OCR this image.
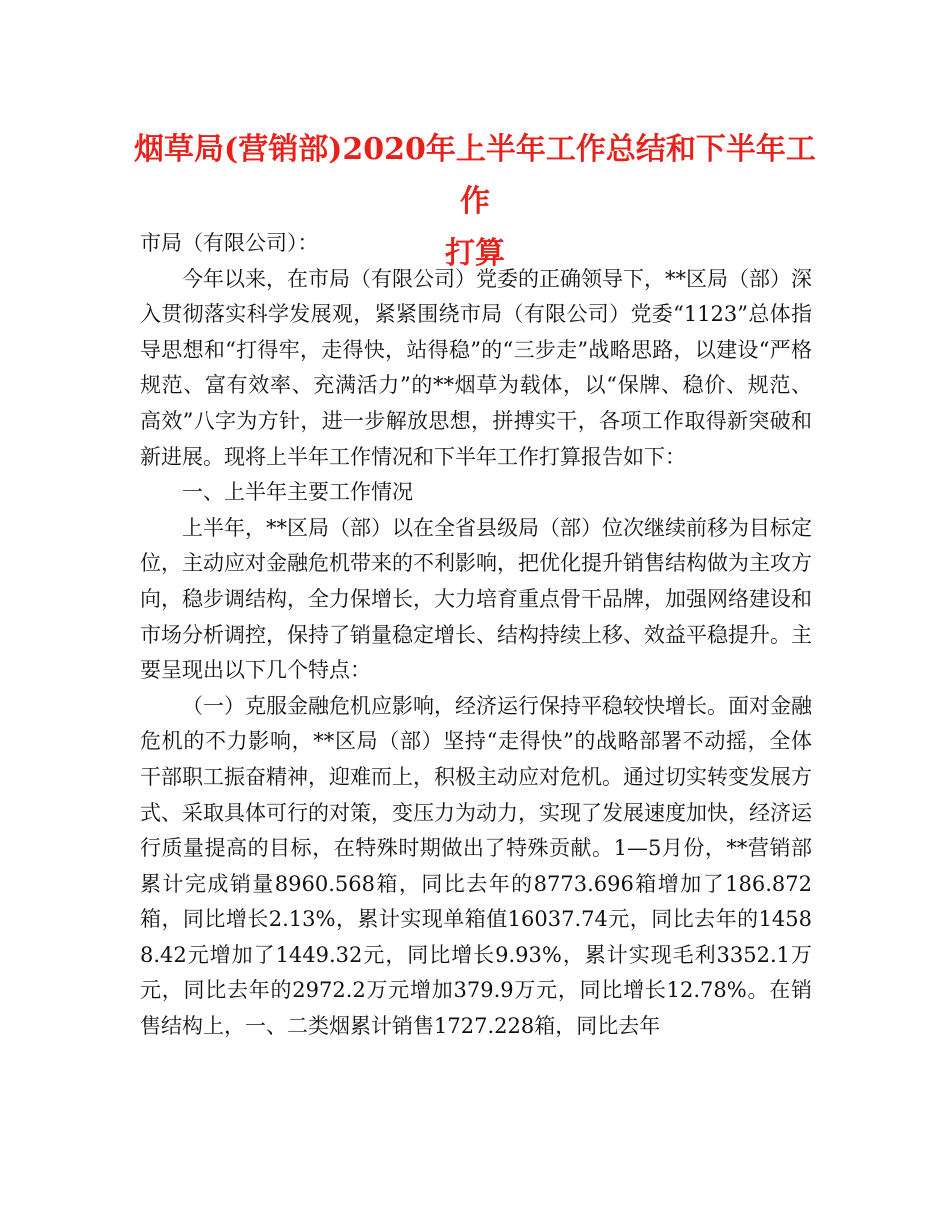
烟草局(营销部)2020年上半年工作总结和下半年工作
打算

市局（有限公司）：

今年以来，在市局（有限公司）党委的正确领导下，**区局（部）深入贯彻落实科学发展观，紧紧围绕市局（有限公司）党委“1123”总体指导思想和“打得牢，走得快，站得稳”的“三步走”战略思路，以建设“严格规范、富有效率、充满活力”的**烟草为载体，以“保牌、稳价、规范、高效”八字为方针，进一步解放思想，拼搏实干，各项工作取得新突破和新进展。现将上半年工作情况和下半年工作打算报告如下：

一、上半年主要工作情况

上半年，**区局（部）以在全省县级局（部）位次继续前移为目标定位，主动应对金融危机带来的不利影响，把优化提升销售结构做为主攻方向，稳步调结构，全力保增长，大力培育重点骨干品牌，加强网络建设和市场分析调控，保持了销量稳定增长、结构持续上移、效益平稳提升。主要呈现出以下几个特点：

（一）克服金融危机应影响，经济运行保持平稳较快增长。面对金融危机的不力影响，**区局（部）坚持“走得快”的战略部署不动摇，全体干部职工振奋精神，迎难而上，积极主动应对危机。通过切实转变发展方式、采取具体可行的对策，变压力为动力，实现了发展速度加快，经济运行质量提高的目标，在特殊时期做出了特殊贡献。1—5月份，**营销部累计完成销量8960.568箱，同比去年的8773.696箱增加了186.872箱，同比增长2.13%，累计实现单箱值16037.74元，同比去年的14588.42元增加了1449.32元，同比增长9.93%，累计实现毛利3352.1万元，同比去年的2972.2万元增加379.9万元，同比增长12.78%。在销售结构上，一、二类烟累计销售1727.228箱，同比去年
